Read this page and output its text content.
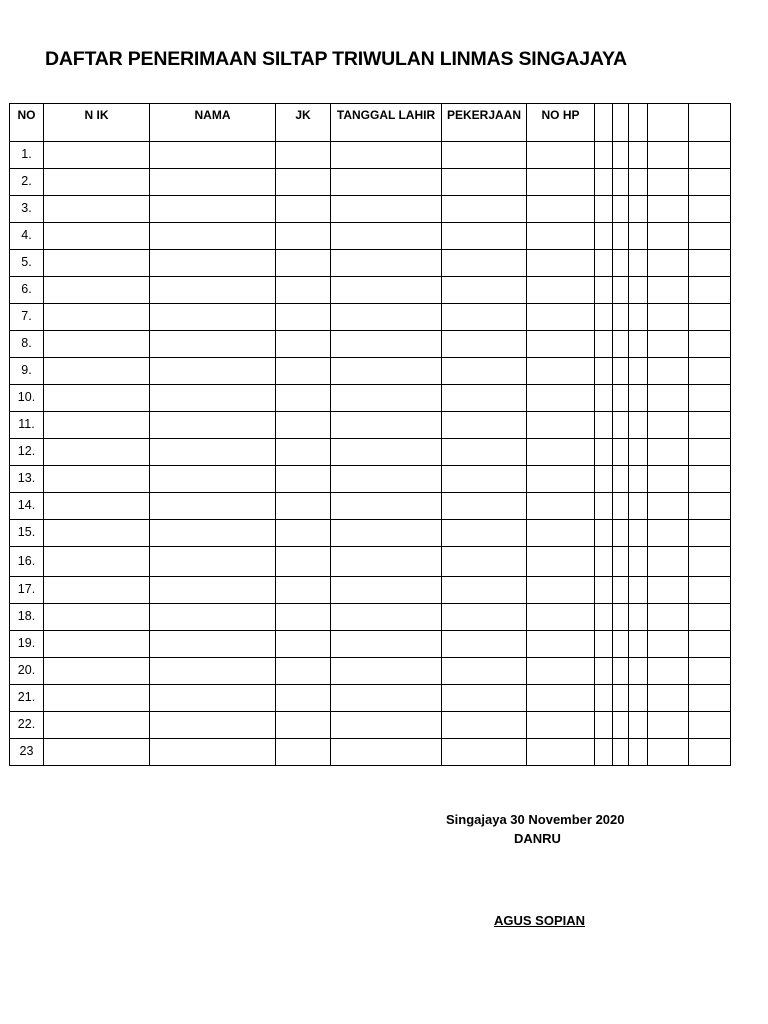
DAFTAR PENERIMAAN SILTAP TRIWULAN LINMAS SINGAJAYA
NO	N IK	NAMA	JK	TANGGAL LAHIR	PEKERJAAN	NO HP					
1.											
2.											
3.											
4.											
5.											
6.											
7.											
8.											
9.											
10.											
11.											
12.											
13.											
14.											
15.											
16.											
17.											
18.											
19.											
20.											
21.											
22.											
23											
Singajaya 30 November 2020
DANRU
AGUS SOPIAN
